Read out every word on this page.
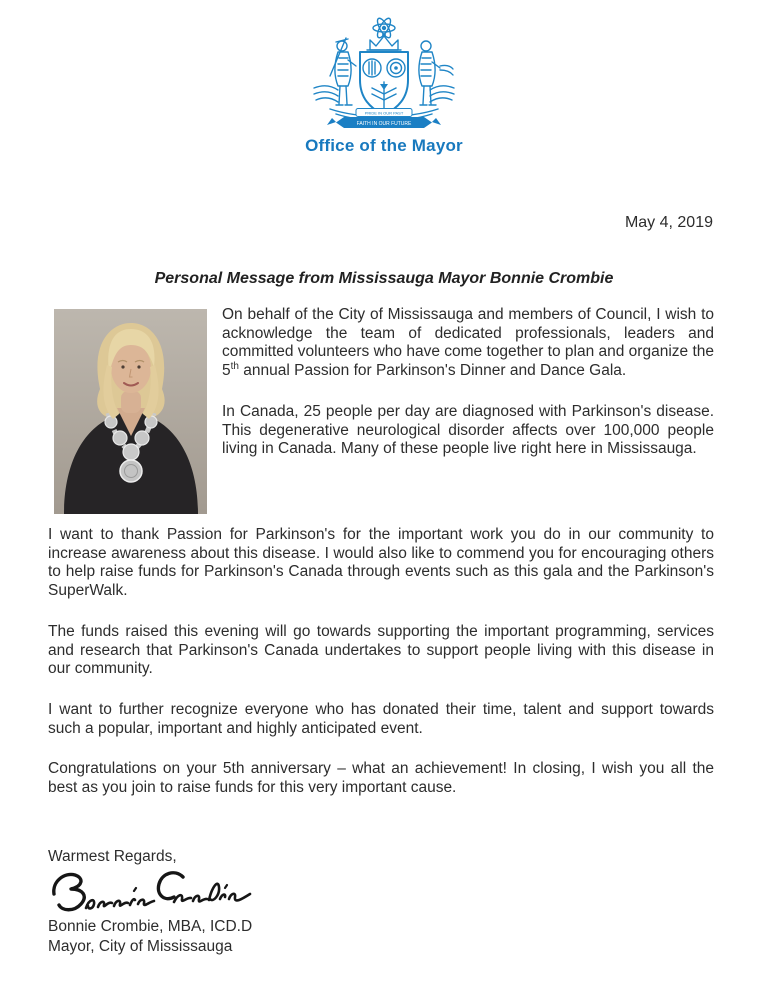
PRIDE IN OUR PAST
FAITH IN OUR FUTURE
Office of the Mayor
May 4, 2019
Personal Message from Mississauga Mayor Bonnie Crombie

On behalf of the City of Mississauga and members of Council, I wish to acknowledge the team of dedicated professionals, leaders and committed volunteers who have come together to plan and organize the 5th annual Passion for Parkinson's Dinner and Dance Gala.

In Canada, 25 people per day are diagnosed with Parkinson's disease. This degenerative neurological disorder affects over 100,000 people living in Canada. Many of these people live right here in Mississauga.

I want to thank Passion for Parkinson's for the important work you do in our community to increase awareness about this disease. I would also like to commend you for encouraging others to help raise funds for Parkinson's Canada through events such as this gala and the Parkinson's SuperWalk.

The funds raised this evening will go towards supporting the important programming, services and research that Parkinson's Canada undertakes to support people living with this disease in our community.

I want to further recognize everyone who has donated their time, talent and support towards such a popular, important and highly anticipated event.

Congratulations on your 5th anniversary – what an achievement! In closing, I wish you all the best as you join to raise funds for this very important cause.

Warmest Regards,
Bonnie Crombie, MBA, ICD.D
Mayor, City of Mississauga
